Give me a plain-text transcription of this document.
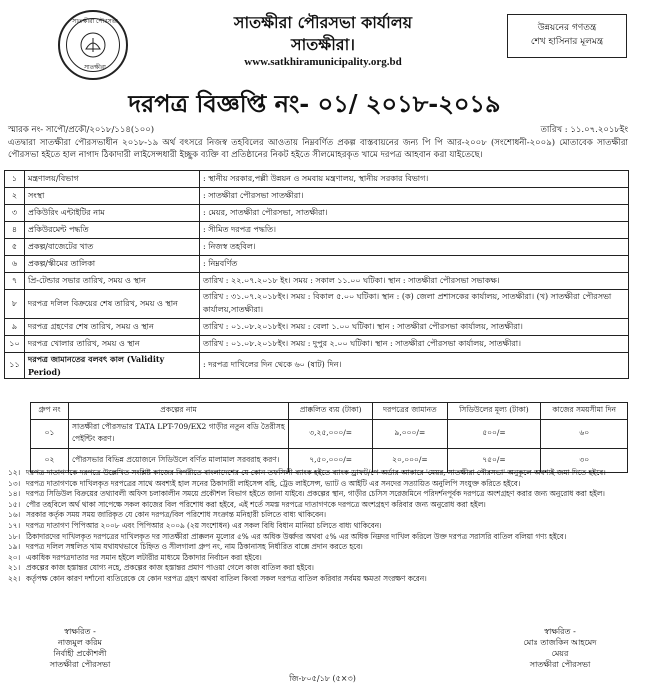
সাতক্ষীরা পৌরসভা
সাতক্ষীরা
সাতক্ষীরা পৌরসভা কার্যালয়
সাতক্ষীরা।
www.satkhiramunicipality.org.bd
উন্নয়নের গণতন্ত্র
শেখ হাসিনার মূলমন্ত্র
দরপত্র বিজ্ঞপ্তি নং- ০১/ ২০১৮-২০১৯
স্মারক নং- সাপৌ/প্রকৌ/২০১৮/১১৪(১০০)	তারিখ : ১১.০৭.২০১৮ইং
এতদ্বারা সাতক্ষীরা পৌরসভাধীন ২০১৮-১৯ অর্থ বৎসরে নিজস্ব তহবিলের আওতায় নিম্নবর্ণিত প্রকল্প বাস্তবায়নের জন্য পি পি আর-২০০৮ (সংশোধনী-২০০৯) মোতাবেক সাতক্ষীরা পৌরসভা হইতে হাল নাগাদ ঠিকাদারী লাইসেন্সধারী ইচ্ছুক ব্যক্তি বা প্রতিষ্ঠানের নিকট হইতে সীলমোহরকৃত খামে দরপত্র আহবান করা যাইতেছে।
১	মন্ত্রণালয়/বিভাগ	: স্থানীয় সরকার,পল্লী উন্নয়ন ও সমবায় মন্ত্রণালয়, স্থানীয় সরকার বিভাগ।
২	সংস্থা	: সাতক্ষীরা পৌরসভা সাতক্ষীরা।
৩	প্রকিউরিং এন্টাইটির নাম	: মেয়র, সাতক্ষীরা পৌরসভা, সাতক্ষীরা।
৪	প্রকিউরমেন্ট পদ্ধতি	: সীমিত দরপত্র পদ্ধতি।
৫	প্রকল্প/বাজেটের খাত	: নিজস্ব তহবিল।
৬	প্রকল্প/স্কীমের তালিকা	: নিম্নবর্ণিত
৭	প্রি-টেন্ডার সভার তারিখ, সময় ও স্থান	তারিখ : ২২.০৭.২০১৮ ইং। সময় : সকাল ১১.০০ ঘটিকা। স্থান : সাতক্ষীরা পৌরসভা সভাকক্ষ।
৮	দরপত্র দলিল বিক্রয়ের শেষ তারিখ, সময় ও স্থান	তারিখ : ৩১.০৭.২০১৮ইং। সময় : বিকাল ৫.০০ ঘটিকা। স্থান : (ক) জেলা প্রশাসকের কার্যালয়, সাতক্ষীরা। (খ) সাতক্ষীরা পৌরসভা কার্যালয়,সাতক্ষীরা।
৯	দরপত্র গ্রহণের শেষ তারিখ, সময় ও স্থান	তারিখ : ০১.০৮.২০১৮ইং। সময় : বেলা ১.০০ ঘটিকা। স্থান : সাতক্ষীরা পৌরসভা কার্যালয়, সাতক্ষীরা।
১০	দরপত্র খোলার তারিখ, সময় ও স্থান	তারিখ : ০১.০৮.২০১৮ইং। সময় : দুপুর ২.০০ ঘটিকা। স্থান : সাতক্ষীরা পৌরসভা কার্যালয়, সাতক্ষীরা।
১১	দরপত্র জামানতের বলবৎ কাল (Validity Period)	: দরপত্র দাখিলের দিন থেকে ৬০ (ষাট) দিন।
গ্রুপ নং	প্রকল্পের নাম	প্রাক্কলিত ব্যয় (টাকা)	দরপত্রের জামানত	সিডিউলের মূল্য (টাকা)	কাজের সময়সীমা দিন
০১	সাতক্ষীরা পৌরসভার TATA LPT-709/EX2 গাড়ীর নতুন বডি তৈরীসহ পেইন্টিং করণ।	৩,২৫,০০০/=	৯,০০০/=	৫০০/=	৬০
০২	পৌরসভার বিভিন্ন প্রয়োজনে সিডিউলে বর্ণিত মালামাল সরবরাহ করণ।	৭,৫০,০০০/=	২০,০০০/=	৭৫০/=	৩০
১২। দরপত্র দাতাগণকে দরপত্রে উল্লেখিত সংশ্লিষ্ট কাজের বিপরীতে বাংলাদেশের যে কোন তফসিলী ব্যাংক হইতে ব্যাংক ড্রাফট/পে-অর্ডার আকারে 'মেয়র, সাতক্ষীরা পৌরসভা' অনুকূলে অবশ্যই জমা দিতে হইবে।
১৩। দরপত্র দাতাগণকে দাখিলকৃত দরপত্রের সাথে অবশ্যই হাল সনের ঠিকাদারী লাইসেন্স বহি, ট্রেড লাইসেন্স, ভ্যাট ও আইটি এর সনদের সত্যায়িত অনুলিপি সংযুক্ত করিতে হইবে।
১৪। দরপত্র সিডিউল বিক্রয়ের তথ্যাবলী অফিস চলাকালীন সময়ে প্রকৌশল বিভাগ হইতে জানা যাইবে। প্রকল্পের স্থান, গাড়ীর চেসিস সরেজমিনে পরিদর্শনপূর্বক দরপত্রে অংশগ্রহণ করার জন্য অনুরোধ করা হইল।
১৫। পৌর তহবিলে অর্থ থাকা সাপেক্ষে সকল কাজের বিল পরিশোধ করা হইবে, এই শর্তে সমস্ত দরপত্রে দাতাগণকে দরপত্রে অংশগ্রহণ করিবার জন্য অনুরোধ করা হইল।
১৬। সরকার কর্তৃক সময় সময় জারিকৃত যে কোন দরপত্র/বিল পরিশোধ সংক্রান্ত মনিহারী চলিতে বাধ্য থাকিবেন।
১৭। দরপত্র দাতাগণ পিপিআর ২০০৮ এবং পিপিআর ২০০৯ (২য় সংশোধন) এর সকল বিধি বিধান মানিয়া চলিতে বাধ্য থাকিবেন।
১৮। ঠিকাদারদের দাখিলকৃত দরপত্রের দাখিলকৃত দর সাতক্ষীরা প্রাক্কলন মূল্যের ৫% এর অধিক উর্ধ্বদর অথবা ৫% এর অধিক নিম্নদর দাখিল করিলে উক্ত দরপত্র সরাসরি বাতিল বলিয়া গণ্য হইবে।
১৯। দরপত্র দলিল সম্বলিত খাম যথাযথভাবে চিহ্নিত ও সীলগালা গ্রুপ নং, নাম ঠিকানাসহ নির্ধারিত বাক্সে প্রদান করতে হবে।
২০। একাধিক দরপত্রদাতার দর সমান হইলে লটারীর মাধ্যমে ঠিকাদার নির্বাচন করা হইবে।
২১। প্রকল্পের কাজ হস্তান্তর যোগ্য নহে, প্রকল্পের কাজ হস্তান্তর প্রমাণ পাওয়া গেলে কাজ বাতিল করা হইবে।
২২। কর্তৃপক্ষ কোন কারণ দর্শানো ব্যতিরেকে যে কোন দরপত্র গ্রহণ অথবা বাতিল কিংবা সকল দরপত্র বাতিল করিবার সর্বময় ক্ষমতা সংরক্ষণ করেন।
স্বাক্ষরিত -
নাজমুল করিম
নির্বাহী প্রকৌশলী
সাতক্ষীরা পৌরসভা
স্বাক্ষরিত -
মোঃ তাজকিন আহমেদ
মেয়র
সাতক্ষীরা পৌরসভা
জি-৮০৫/১৮ (৫×৩)
